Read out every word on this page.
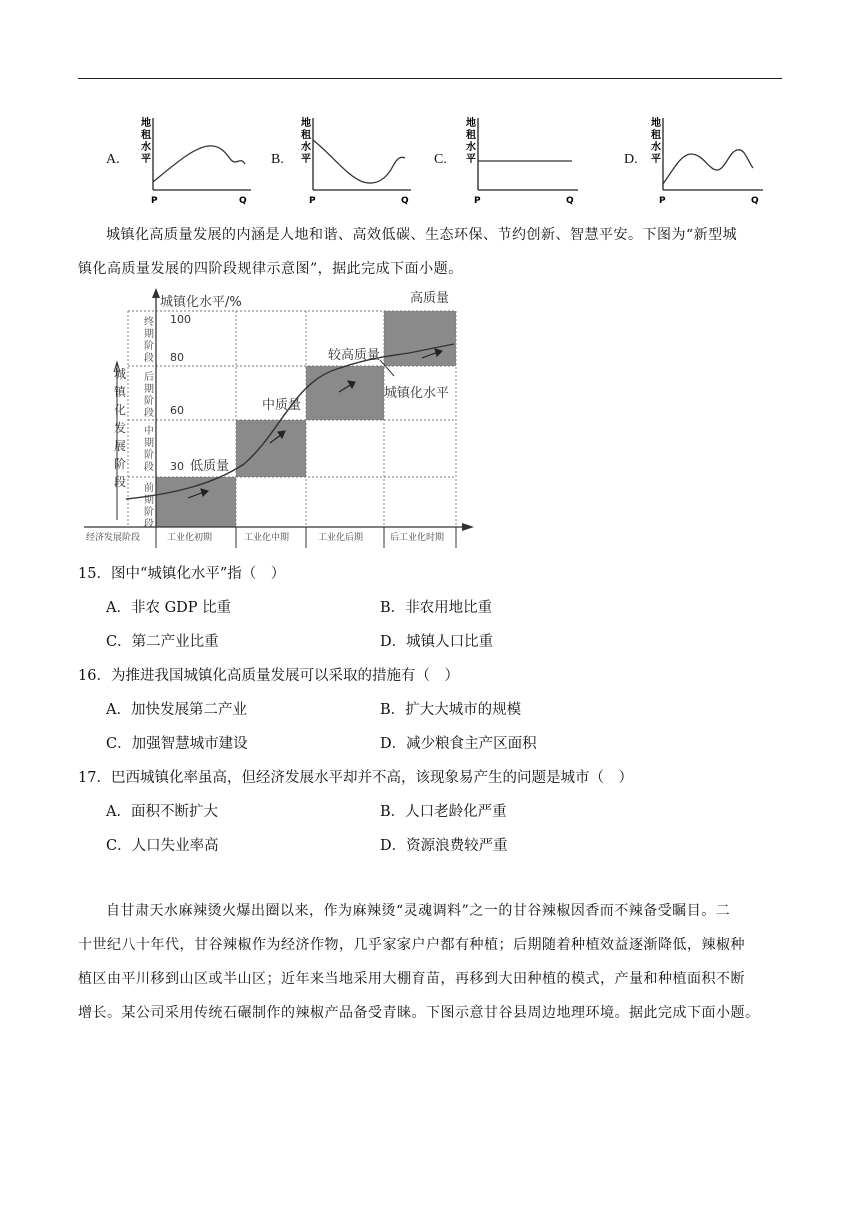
A.	B.	C.	D.
地
租
水
平
P	Q
地
租
水
平
P	Q
地
租
水
平
P	Q
地
租
水
平
P	Q
城镇化高质量发展的内涵是人地和谐、高效低碳、生态环保、节约创新、智慧平安。下图为“新型城
镇化高质量发展的四阶段规律示意图”，据此完成下面小题。
城镇化水平/%	高质量
100
80
60
30 低质量
中质量
较高质量
城镇化水平
城
镇
化
发
展
阶
段
终
期
阶
段
后
期
阶
段
中
期
阶
段
前
期
阶
段
经济发展阶段	工业化初期	工业化中期	工业化后期	后工业化时期
15．图中“城镇化水平”指（　）
A．非农 GDP 比重	B．非农用地比重
C．第二产业比重	D．城镇人口比重
16．为推进我国城镇化高质量发展可以采取的措施有（　）
A．加快发展第二产业	B．扩大大城市的规模
C．加强智慧城市建设	D．减少粮食主产区面积
17．巴西城镇化率虽高，但经济发展水平却并不高，该现象易产生的问题是城市（　）
A．面积不断扩大	B．人口老龄化严重
C．人口失业率高	D．资源浪费较严重
自甘肃天水麻辣烫火爆出圈以来，作为麻辣烫“灵魂调料”之一的甘谷辣椒因香而不辣备受瞩目。二
十世纪八十年代，甘谷辣椒作为经济作物，几乎家家户户都有种植；后期随着种植效益逐渐降低，辣椒种
植区由平川移到山区或半山区；近年来当地采用大棚育苗，再移到大田种植的模式，产量和种植面积不断
增长。某公司采用传统石碾制作的辣椒产品备受青睐。下图示意甘谷县周边地理环境。据此完成下面小题。
